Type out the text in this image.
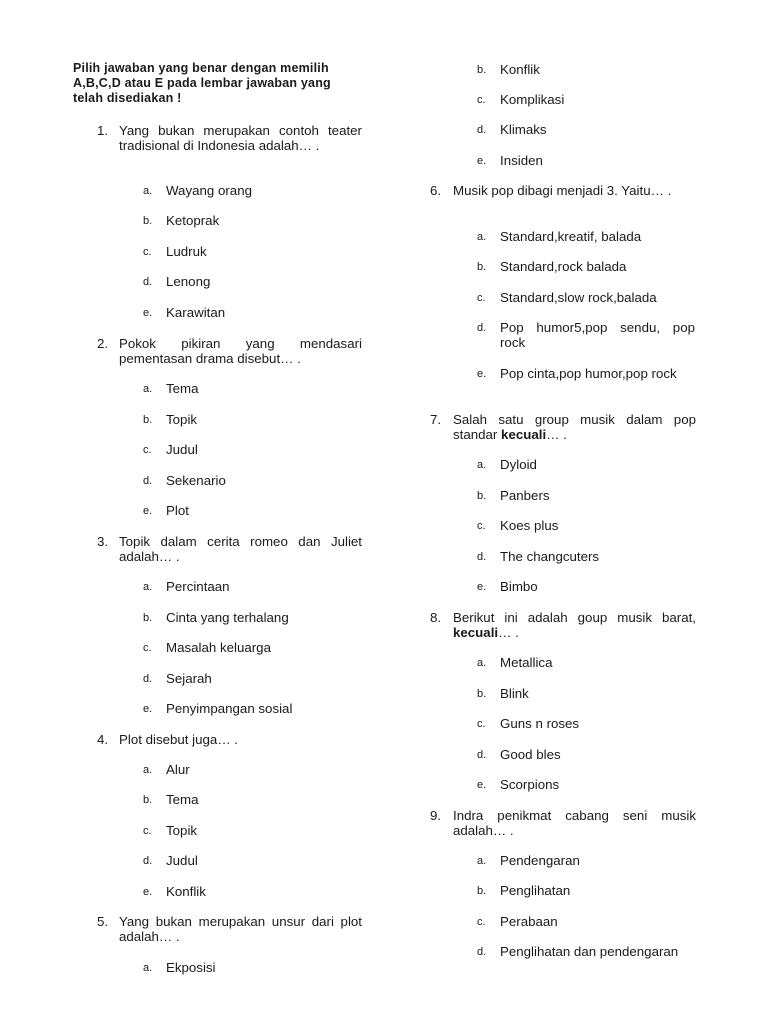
Pilih jawaban yang benar dengan memilih A,B,C,D atau E pada lembar jawaban yang telah disediakan !
1. Yang bukan merupakan contoh teater tradisional di Indonesia adalah… .
a. Wayang orang
b. Ketoprak
c. Ludruk
d. Lenong
e. Karawitan
2. Pokok pikiran yang mendasari pementasan drama disebut… .
a. Tema
b. Topik
c. Judul
d. Sekenario
e. Plot
3. Topik dalam cerita romeo dan Juliet adalah… .
a. Percintaan
b. Cinta yang terhalang
c. Masalah keluarga
d. Sejarah
e. Penyimpangan sosial
4. Plot disebut juga… .
a. Alur
b. Tema
c. Topik
d. Judul
e. Konflik
5. Yang bukan merupakan unsur dari plot adalah… .
a. Ekposisi
b. Konflik
c. Komplikasi
d. Klimaks
e. Insiden
6. Musik pop dibagi menjadi 3. Yaitu… .
a. Standard,kreatif, balada
b. Standard,rock balada
c. Standard,slow rock,balada
d. Pop humor5,pop sendu, pop rock
e. Pop cinta,pop humor,pop rock
7. Salah satu group musik dalam pop standar kecuali… .
a. Dyloid
b. Panbers
c. Koes plus
d. The changcuters
e. Bimbo
8. Berikut ini adalah goup musik barat, kecuali… .
a. Metallica
b. Blink
c. Guns n roses
d. Good bles
e. Scorpions
9. Indra penikmat cabang seni musik adalah… .
a. Pendengaran
b. Penglihatan
c. Perabaan
d. Penglihatan dan pendengaran
